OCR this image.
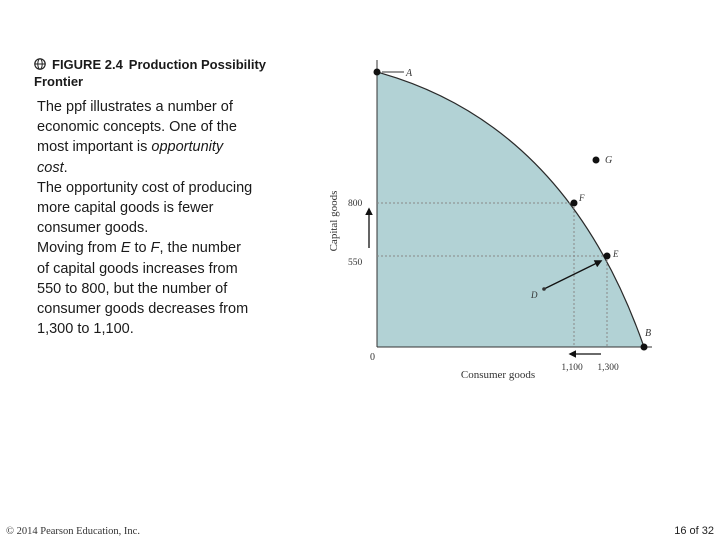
FIGURE 2.4 Production Possibility Frontier

The ppf illustrates a number of economic concepts. One of the most important is opportunity cost.

The opportunity cost of producing more capital goods is fewer consumer goods.

Moving from E to F, the number of capital goods increases from 550 to 800, but the number of consumer goods decreases from 1,300 to 1,100.

Capital goods 800
550
0
1,100 1,300
Consumer goods
A
F
E
B
G
D
© 2014 Pearson Education, Inc.	16 of 32
